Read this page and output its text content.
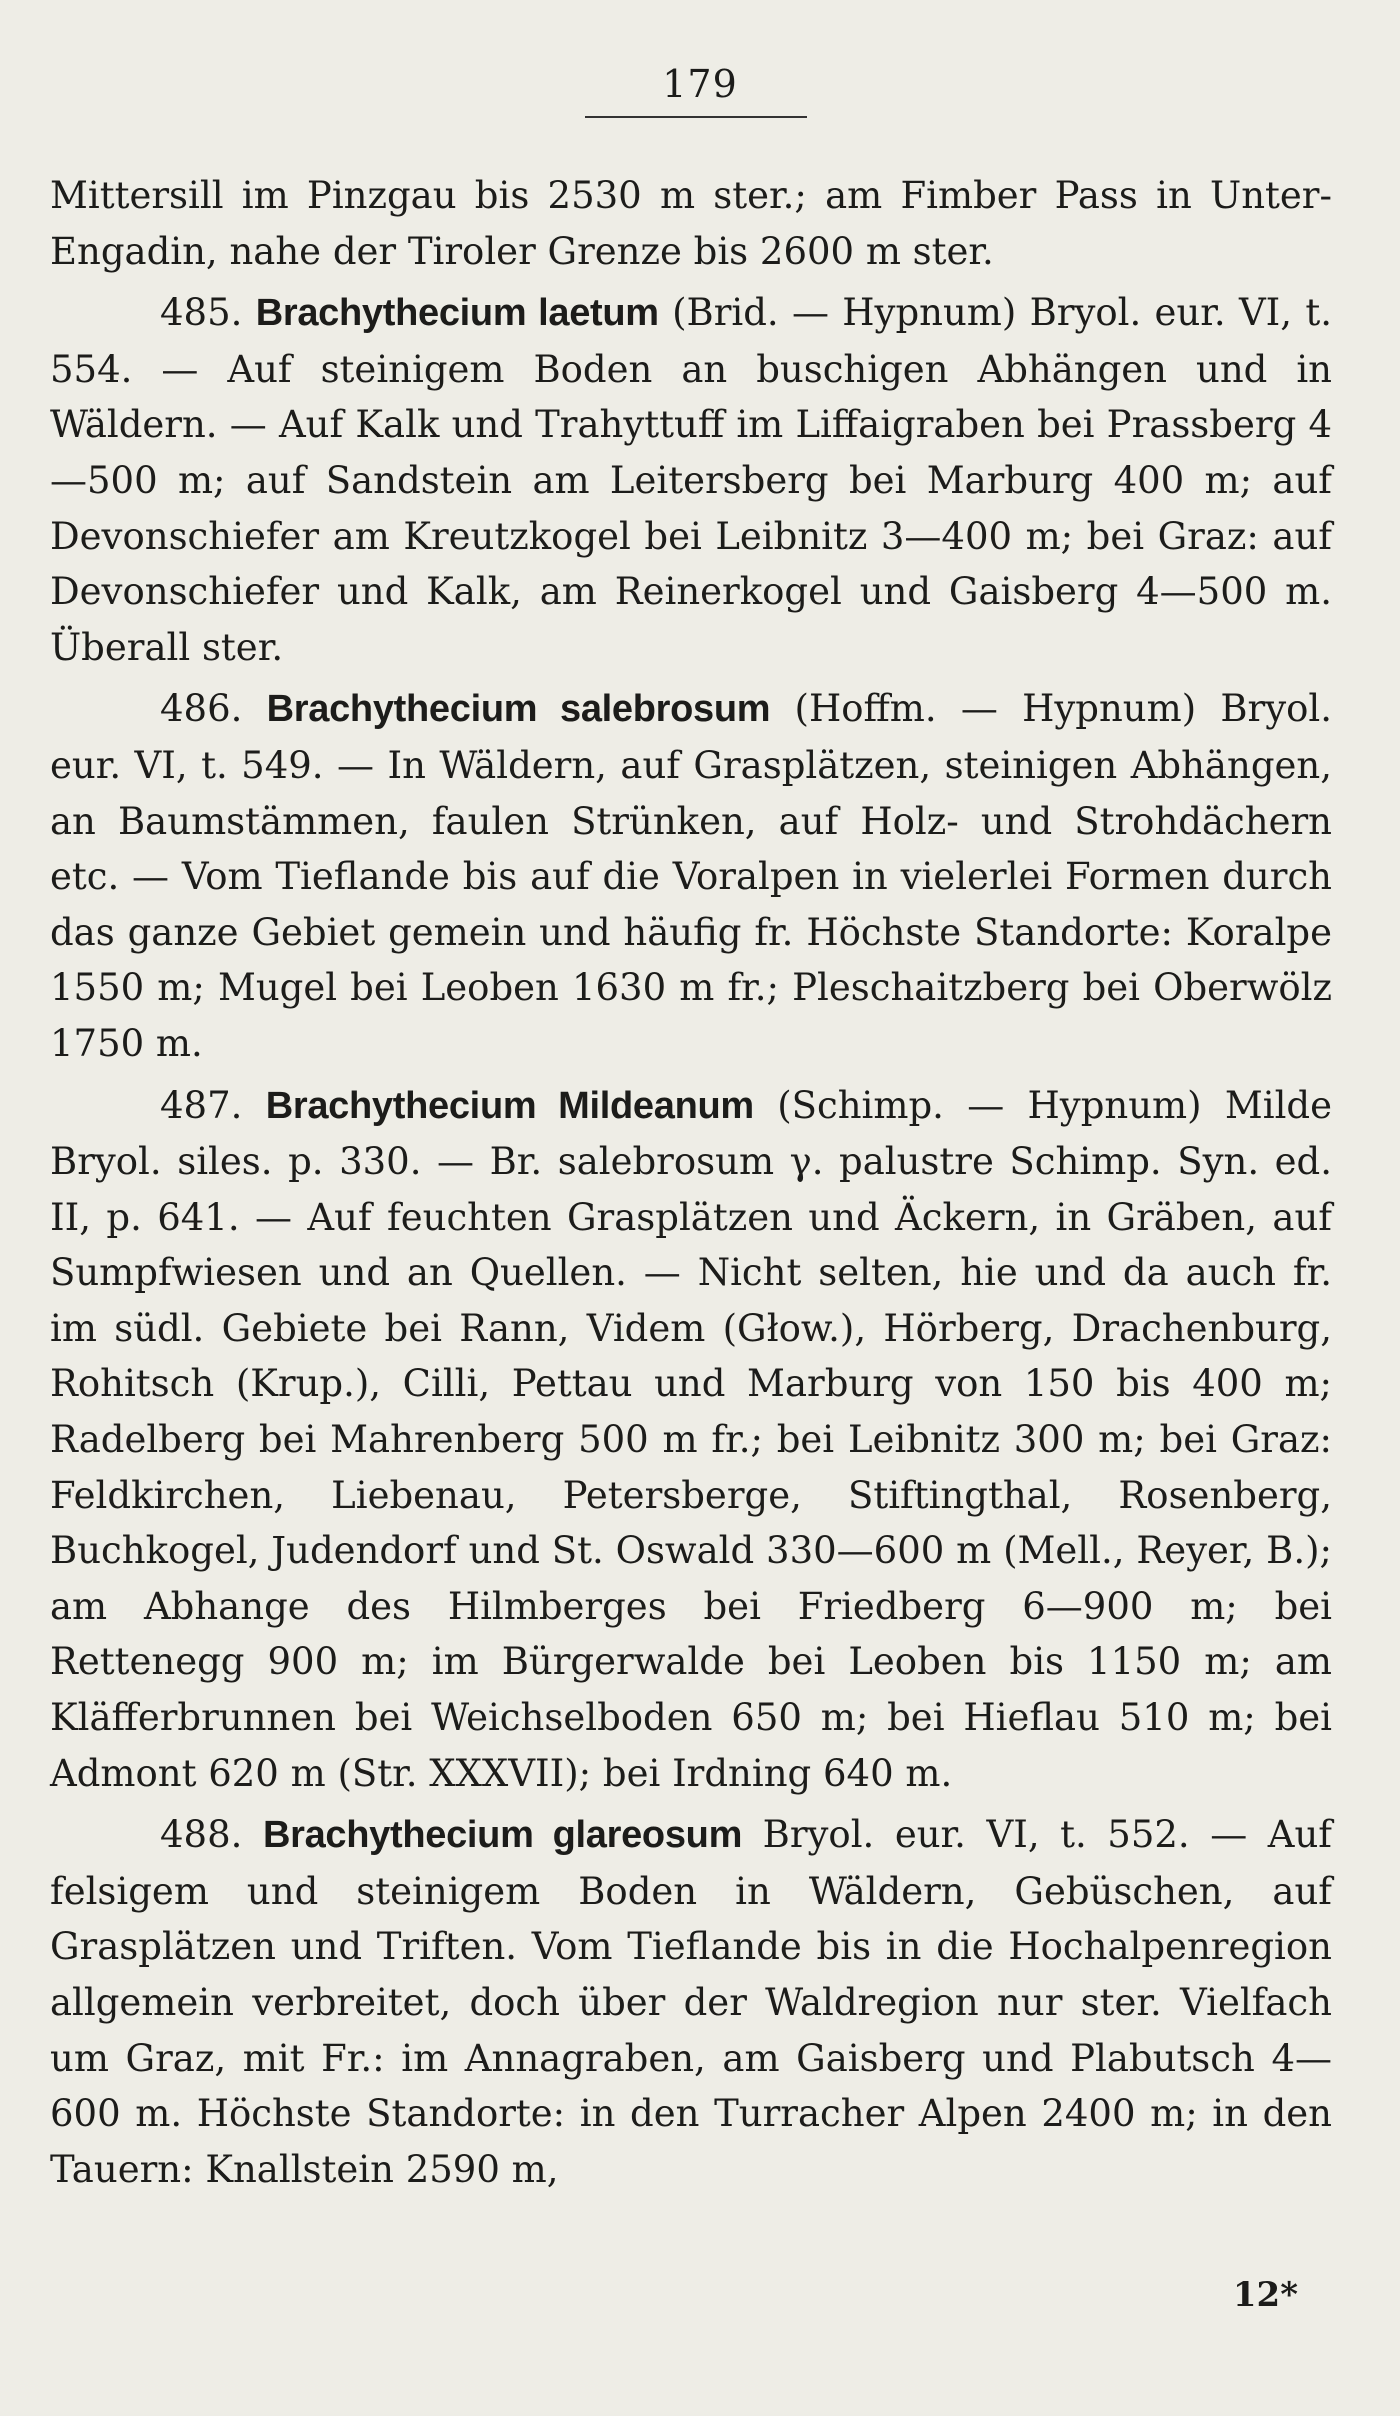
179

Mittersill im Pinzgau bis 2530 m ster.; am Fimber Pass in Unter-Engadin, nahe der Tiroler Grenze bis 2600 m ster.

485. Brachythecium laetum (Brid. — Hypnum) Bryol. eur. VI, t. 554. — Auf steinigem Boden an buschigen Abhängen und in Wäldern. — Auf Kalk und Trahyttuff im Liffaigraben bei Prassberg 4—500 m; auf Sandstein am Leitersberg bei Marburg 400 m; auf Devonschiefer am Kreutzkogel bei Leibnitz 3—400 m; bei Graz: auf Devonschiefer und Kalk, am Reinerkogel und Gaisberg 4—500 m. Überall ster.

486. Brachythecium salebrosum (Hoffm. — Hypnum) Bryol. eur. VI, t. 549. — In Wäldern, auf Grasplätzen, steinigen Abhängen, an Baumstämmen, faulen Strünken, auf Holz- und Strohdächern etc. — Vom Tieflande bis auf die Voralpen in vielerlei Formen durch das ganze Gebiet gemein und häufig fr. Höchste Standorte: Koralpe 1550 m; Mugel bei Leoben 1630 m fr.; Pleschaitzberg bei Oberwölz 1750 m.

487. Brachythecium Mildeanum (Schimp. — Hypnum) Milde Bryol. siles. p. 330. — Br. salebrosum γ. palustre Schimp. Syn. ed. II, p. 641. — Auf feuchten Grasplätzen und Äckern, in Gräben, auf Sumpfwiesen und an Quellen. — Nicht selten, hie und da auch fr. im südl. Gebiete bei Rann, Videm (Głow.), Hörberg, Drachenburg, Rohitsch (Krup.), Cilli, Pettau und Marburg von 150 bis 400 m; Radelberg bei Mahrenberg 500 m fr.; bei Leibnitz 300 m; bei Graz: Feldkirchen, Liebenau, Petersberge, Stiftingthal, Rosenberg, Buchkogel, Judendorf und St. Oswald 330—600 m (Mell., Reyer, B.); am Abhange des Hilmberges bei Friedberg 6—900 m; bei Rettenegg 900 m; im Bürgerwalde bei Leoben bis 1150 m; am Kläfferbrunnen bei Weichselboden 650 m; bei Hieflau 510 m; bei Admont 620 m (Str. XXXVII); bei Irdning 640 m.

488. Brachythecium glareosum Bryol. eur. VI, t. 552. — Auf felsigem und steinigem Boden in Wäldern, Gebüschen, auf Grasplätzen und Triften. Vom Tieflande bis in die Hochalpenregion allgemein verbreitet, doch über der Waldregion nur ster. Vielfach um Graz, mit Fr.: im Annagraben, am Gaisberg und Plabutsch 4—600 m. Höchste Standorte: in den Turracher Alpen 2400 m; in den Tauern: Knallstein 2590 m,

12*
